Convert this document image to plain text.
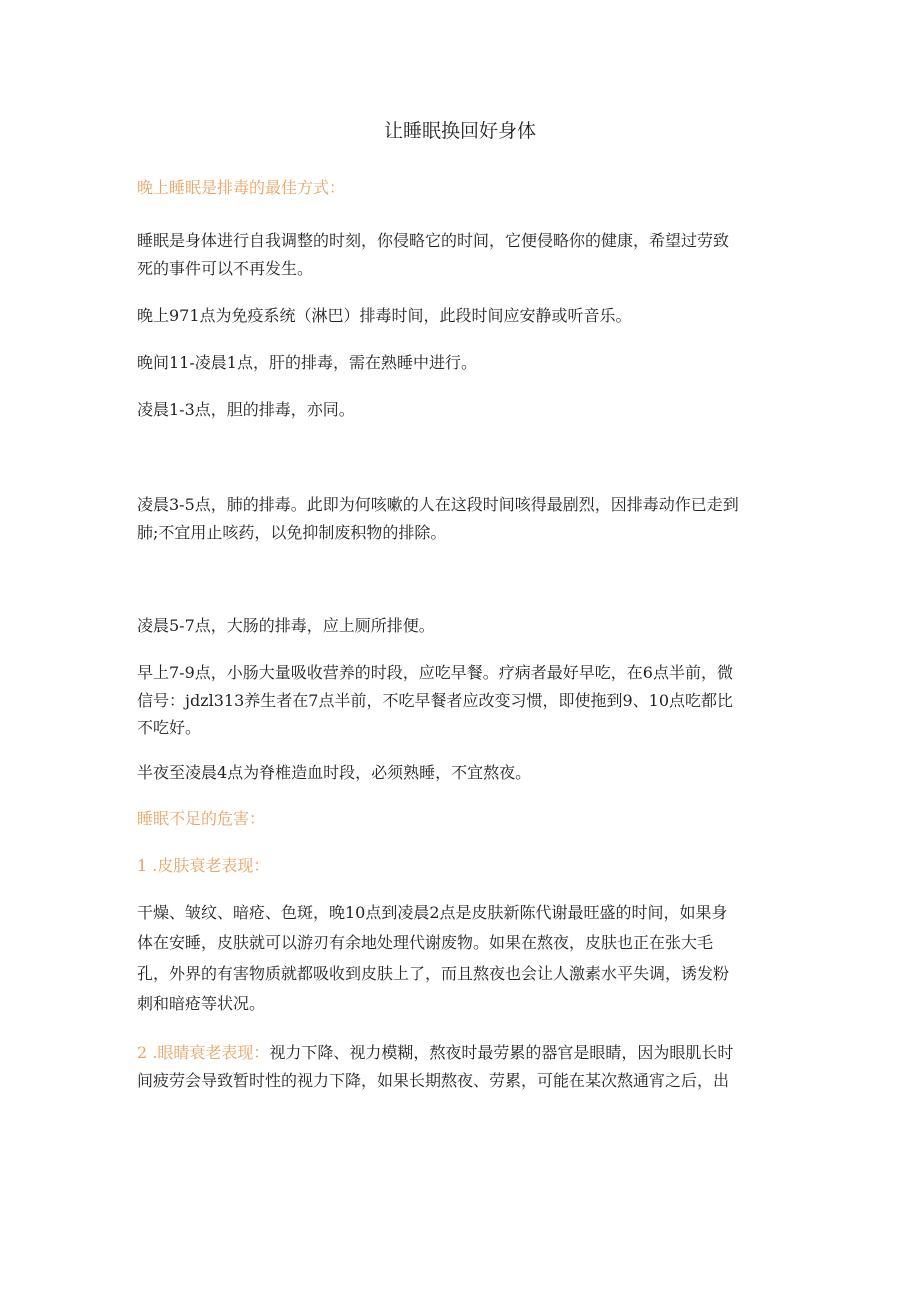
让睡眠换回好身体
晚上睡眠是排毒的最佳方式：
睡眠是身体进行自我调整的时刻，你侵略它的时间，它便侵略你的健康，希望过劳致
死的事件可以不再发生。
晚上971点为免疫系统（淋巴）排毒时间，此段时间应安静或听音乐。
晚间11-凌晨1点，肝的排毒，需在熟睡中进行。
凌晨1-3点，胆的排毒，亦同。
凌晨3-5点，肺的排毒。此即为何咳嗽的人在这段时间咳得最剧烈，因排毒动作已走到
肺;不宜用止咳药，以免抑制废积物的排除。
凌晨5-7点，大肠的排毒，应上厕所排便。
早上7-9点，小肠大量吸收营养的时段，应吃早餐。疗病者最好早吃，在6点半前，微
信号：jdzl313养生者在7点半前，不吃早餐者应改变习惯，即使拖到9、10点吃都比
不吃好。
半夜至凌晨4点为脊椎造血时段，必须熟睡，不宜熬夜。
睡眠不足的危害：
1 .皮肤衰老表现：
干燥、皱纹、暗疮、色斑，晚10点到凌晨2点是皮肤新陈代谢最旺盛的时间，如果身
体在安睡，皮肤就可以游刃有余地处理代谢废物。如果在熬夜，皮肤也正在张大毛
孔，外界的有害物质就都吸收到皮肤上了，而且熬夜也会让人激素水平失调，诱发粉
刺和暗疮等状况。
2 .眼睛衰老表现：视力下降、视力模糊，熬夜时最劳累的器官是眼睛，因为眼肌长时
间疲劳会导致暂时性的视力下降，如果长期熬夜、劳累，可能在某次熬通宵之后，出
